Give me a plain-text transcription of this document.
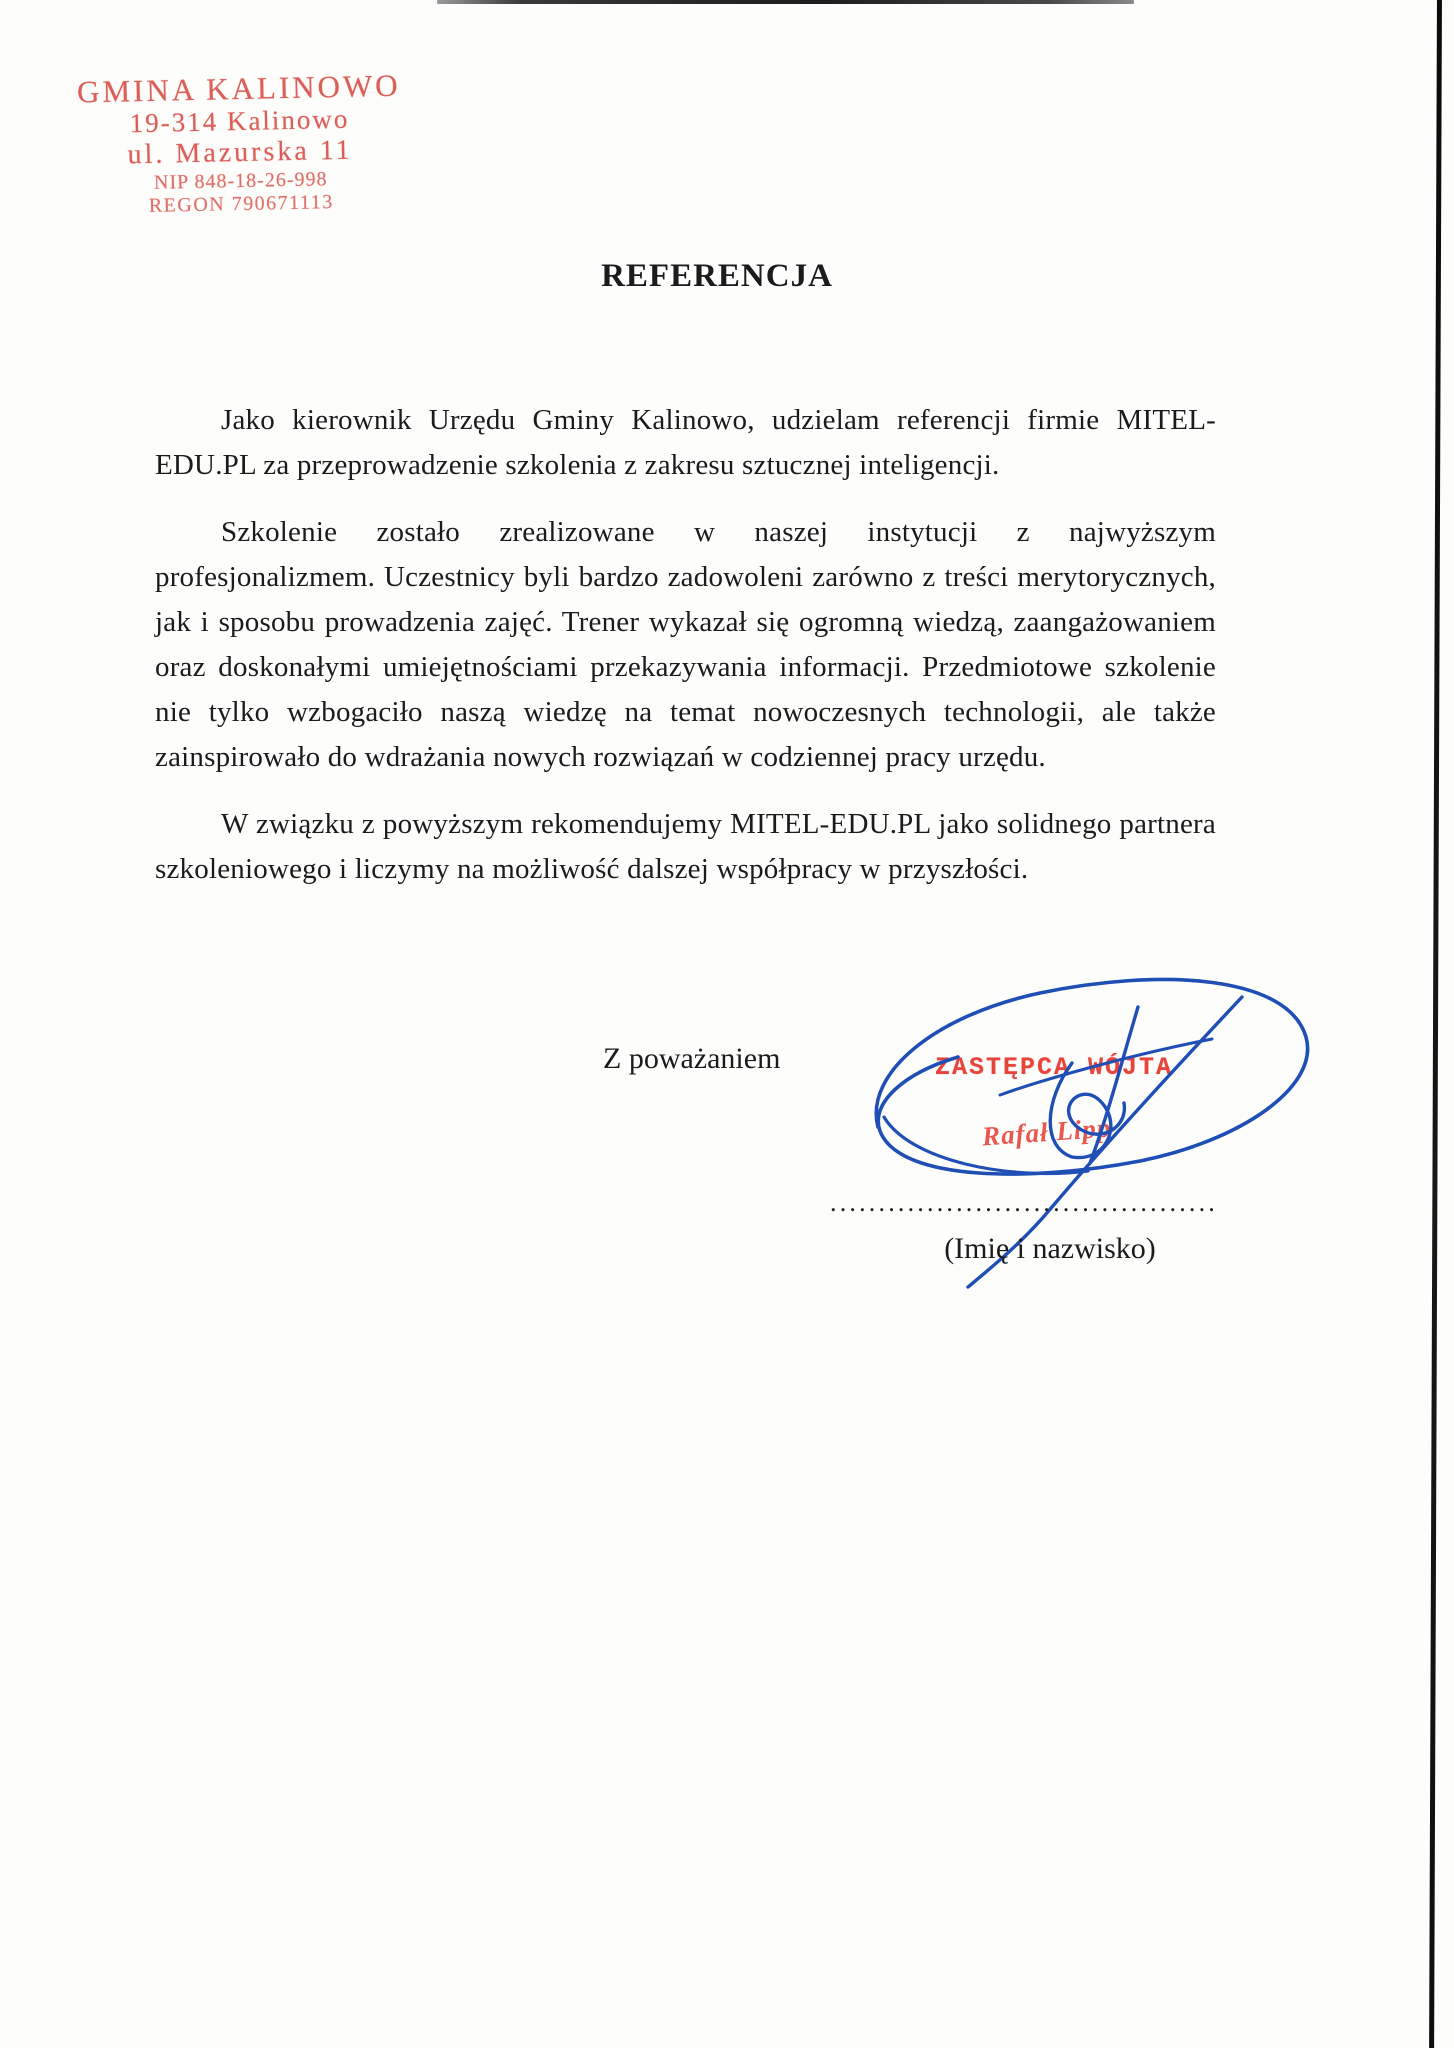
GMINA KALINOWO
19-314 Kalinowo
ul. Mazurska 11
NIP 848-18-26-998
REGON 790671113
REFERENCJA

Jako kierownik Urzędu Gminy Kalinowo, udzielam referencji firmie MITEL-EDU.PL za przeprowadzenie szkolenia z zakresu sztucznej inteligencji.

Szkolenie zostało zrealizowane w naszej instytucji z najwyższym profesjonalizmem. Uczestnicy byli bardzo zadowoleni zarówno z treści merytorycznych, jak i sposobu prowadzenia zajęć. Trener wykazał się ogromną wiedzą, zaangażowaniem oraz doskonałymi umiejętnościami przekazywania informacji. Przedmiotowe szkolenie nie tylko wzbogaciło naszą wiedzę na temat nowoczesnych technologii, ale także zainspirowało do wdrażania nowych rozwiązań w codziennej pracy urzędu.

W związku z powyższym rekomendujemy MITEL-EDU.PL jako solidnego partnera szkoleniowego i liczymy na możliwość dalszej współpracy w przyszłości.

Z poważaniem	ZASTĘPCA WÓJTA
Rafał Lipp
........................................
(Imię i nazwisko)
